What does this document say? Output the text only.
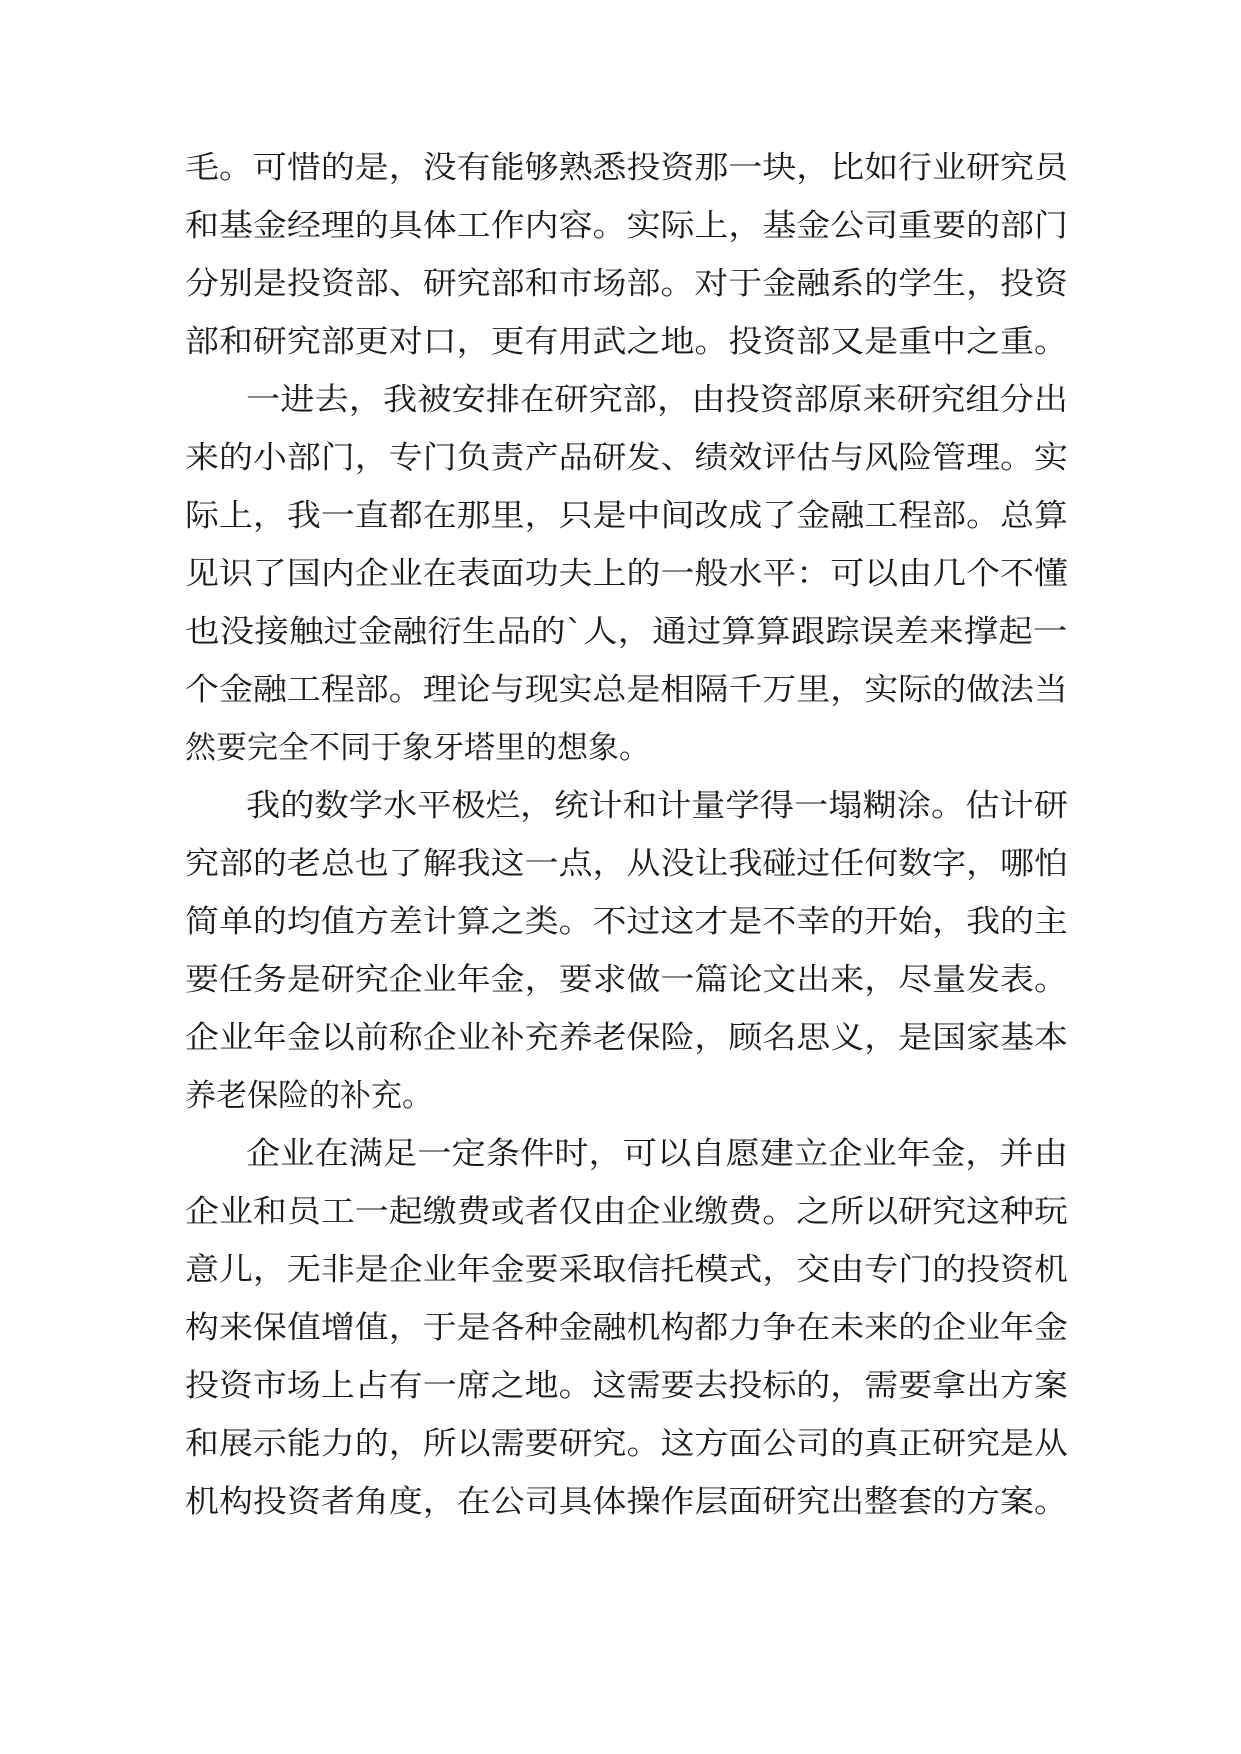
毛。可惜的是，没有能够熟悉投资那一块，比如行业研究员

和基金经理的具体工作内容。实际上，基金公司重要的部门

分别是投资部、研究部和市场部。对于金融系的学生，投资

部和研究部更对口，更有用武之地。投资部又是重中之重。

一进去，我被安排在研究部，由投资部原来研究组分出

来的小部门，专门负责产品研发、绩效评估与风险管理。实

际上，我一直都在那里，只是中间改成了金融工程部。总算

见识了国内企业在表面功夫上的一般水平：可以由几个不懂

也没接触过金融衍生品的`人，通过算算跟踪误差来撑起一

个金融工程部。理论与现实总是相隔千万里，实际的做法当

然要完全不同于象牙塔里的想象。

我的数学水平极烂，统计和计量学得一塌糊涂。估计研

究部的老总也了解我这一点，从没让我碰过任何数字，哪怕

简单的均值方差计算之类。不过这才是不幸的开始，我的主

要任务是研究企业年金，要求做一篇论文出来，尽量发表。

企业年金以前称企业补充养老保险，顾名思义，是国家基本

养老保险的补充。

企业在满足一定条件时，可以自愿建立企业年金，并由

企业和员工一起缴费或者仅由企业缴费。之所以研究这种玩

意儿，无非是企业年金要采取信托模式，交由专门的投资机

构来保值增值，于是各种金融机构都力争在未来的企业年金

投资市场上占有一席之地。这需要去投标的，需要拿出方案

和展示能力的，所以需要研究。这方面公司的真正研究是从

机构投资者角度，在公司具体操作层面研究出整套的方案。
